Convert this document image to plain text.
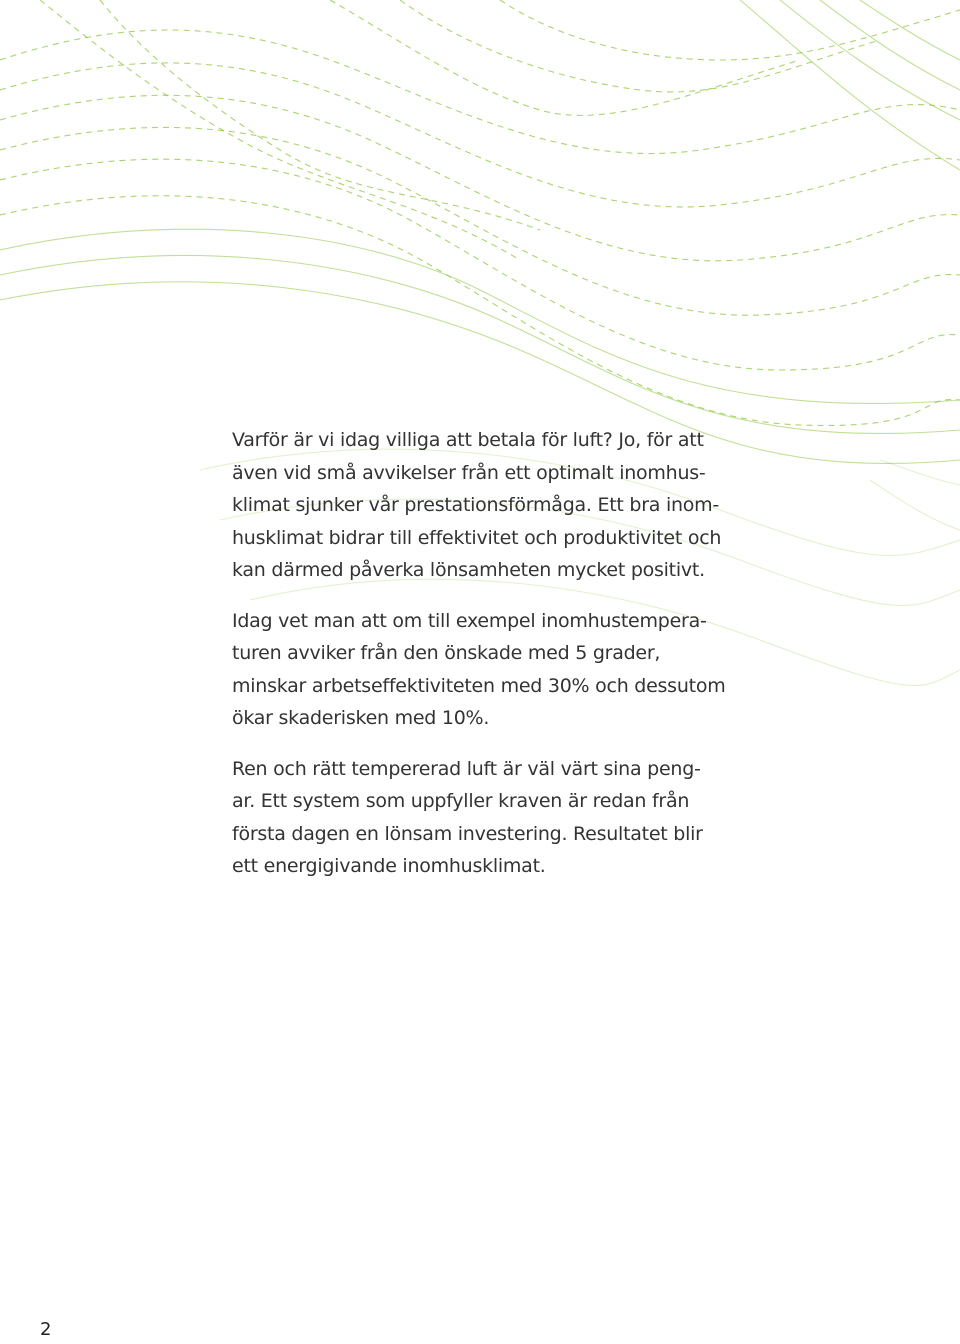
Varför är vi idag villiga att betala för luft? Jo, för att
även vid små avvikelser från ett optimalt inomhus-
klimat sjunker vår prestationsförmåga. Ett bra inom-
husklimat bidrar till effektivitet och produktivitet och
kan därmed påverka lönsamheten mycket positivt.

Idag vet man att om till exempel inomhustempera-
turen avviker från den önskade med 5 grader,
minskar arbetseffektiviteten med 30% och dessutom
ökar skaderisken med 10%.

Ren och rätt tempererad luft är väl värt sina peng-
ar. Ett system som uppfyller kraven är redan från
första dagen en lönsam investering. Resultatet blir
ett energigivande inomhusklimat.

2
